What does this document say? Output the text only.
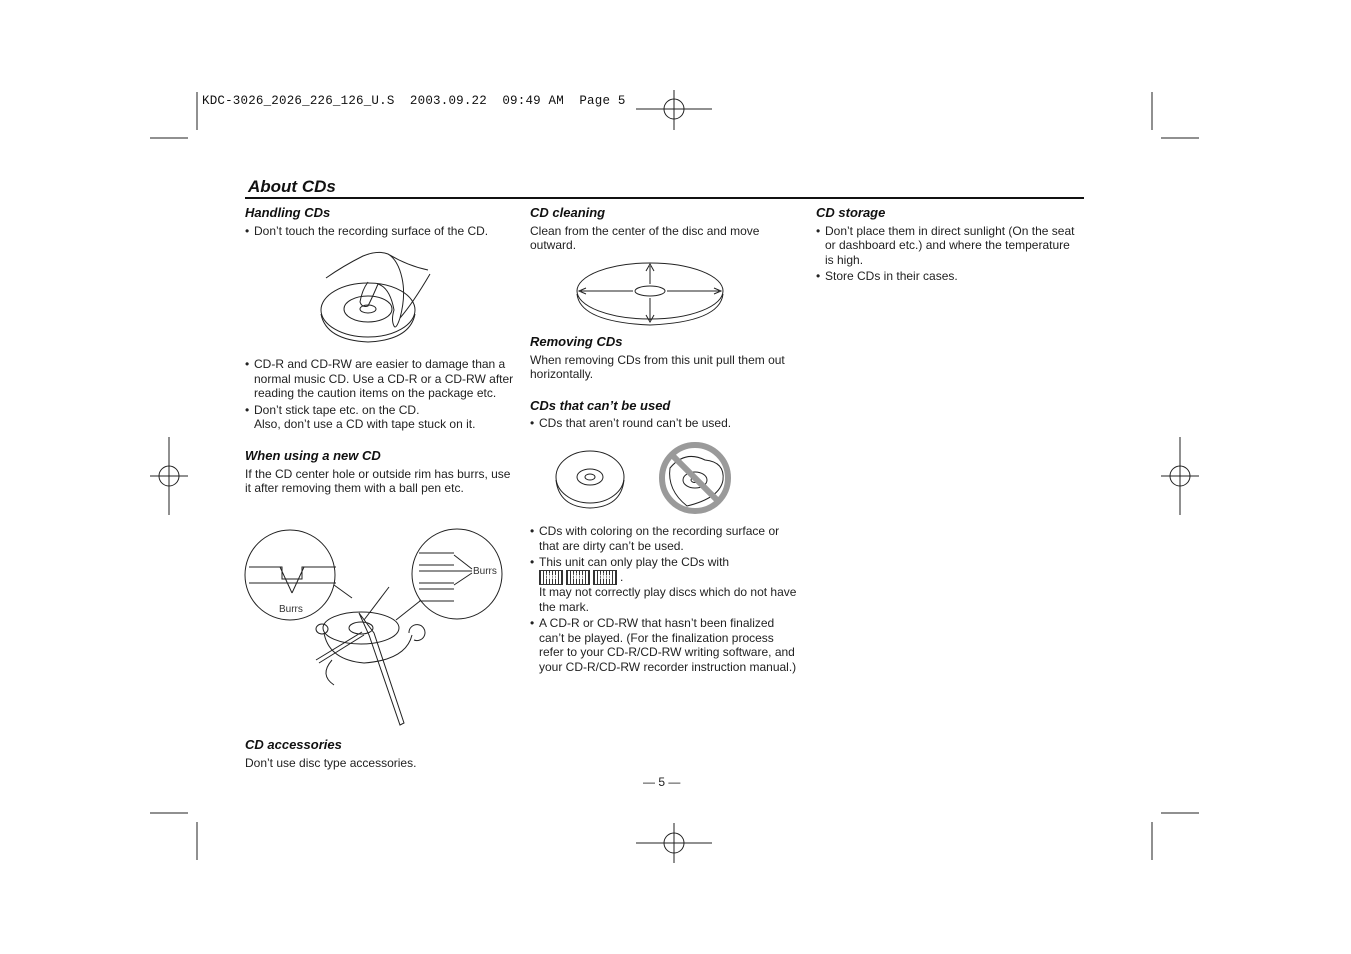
KDC-3026_2026_226_126_U.S  2003.09.22  09:49 AM  Page 5
About CDs

Handling CDs

• Don’t touch the recording surface of the CD.

• CD-R and CD-RW are easier to damage than a normal music CD. Use a CD-R or a CD-RW after reading the caution items on the package etc.

• Don’t stick tape etc. on the CD.
Also, don’t use a CD with tape stuck on it.

When using a new CD

If the CD center hole or outside rim has burrs, use it after removing them with a ball pen etc.

Burrs
Burrs

CD accessories

Don’t use disc type accessories.

CD cleaning

Clean from the center of the disc and move outward.

Removing CDs

When removing CDs from this unit pull them out horizontally.

CDs that can’t be used

• CDs that aren’t round can’t be used.

• CDs with coloring on the recording surface or that are dirty can’t be used.

• This unit can only play the CDs with
disc disc disc .
It may not correctly play discs which do not have the mark.

• A CD-R or CD-RW that hasn’t been finalized can’t be played. (For the finalization process refer to your CD-R/CD-RW writing software, and your CD-R/CD-RW recorder instruction manual.)

CD storage

• Don’t place them in direct sunlight (On the seat or dashboard etc.) and where the temperature is high.

• Store CDs in their cases.

— 5 —
